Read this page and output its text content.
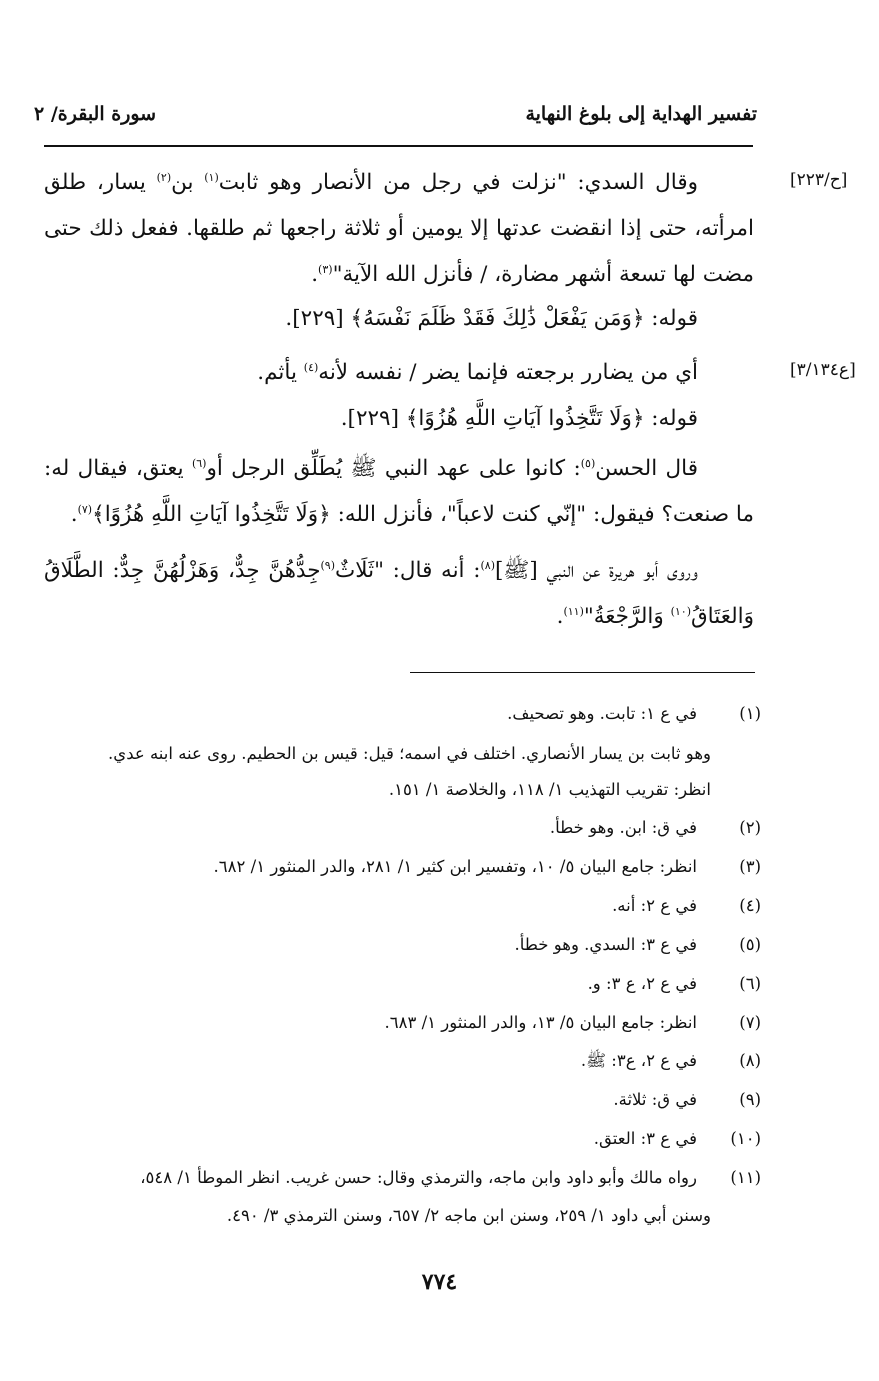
سورة البقرة/ ٢	تفسير الهداية إلى بلوغ النهاية
[ح/٢٢٣]
[ع٣/١٣٤]

وقال السدي: "نزلت في رجل من الأنصار وهو ثابت$^{(١)}$ بن$^{(٢)}$ يسار، طلق امرأته، حتى إذا انقضت عدتها إلا يومين أو ثلاثة راجعها ثم طلقها. ففعل ذلك حتى مضت لها تسعة أشهر مضارة، / فأنزل الله الآية"$^{(٣)}$.

قوله: ﴿وَمَن يَفْعَلْ ذَٰلِكَ فَقَدْ ظَلَمَ نَفْسَهُ﴾ [٢٢٩].

أي من يضارر برجعته فإنما يضر / نفسه لأنه$^{(٤)}$ يأثم.

قوله: ﴿وَلَا تَتَّخِذُوا آيَاتِ اللَّهِ هُزُوًا﴾ [٢٢٩].

قال الحسن$^{(٥)}$: كانوا على عهد النبي ﷺ يُطَلِّق الرجل أو$^{(٦)}$ يعتق، فيقال له: ما صنعت؟ فيقول: "إنّي كنت لاعباً"، فأنزل الله: ﴿وَلَا تَتَّخِذُوا آيَاتِ اللَّهِ هُزُوًا﴾$^{(٧)}$.

وروى أبو هريرة عن النبي [ﷺ]$^{(٨)}$: أنه قال: "ثَلَاثٌ$^{(٩)}$جِدُّهُنَّ جِدٌّ، وَهَزْلُهُنَّ جِدٌّ: الطَّلَاقُ وَالعَتَاقُ$^{(١٠)}$ وَالرَّجْعَةُ"$^{(١١)}$.

(١)
في ع ١: تابت. وهو تصحيف.
وهو ثابت بن يسار الأنصاري. اختلف في اسمه؛ قيل: قيس بن الحطيم. روى عنه ابنه عدي.
انظر: تقريب التهذيب ١/ ١١٨، والخلاصة ١/ ١٥١.
(٢)
في ق: ابن. وهو خطأ.
(٣)
انظر: جامع البيان ٥/ ١٠، وتفسير ابن كثير ١/ ٢٨١، والدر المنثور ١/ ٦٨٢.
(٤)
في ع ٢: أنه.
(٥)
في ع ٣: السدي. وهو خطأ.
(٦)
في ع ٢، ع ٣: و.
(٧)
انظر: جامع البيان ٥/ ١٣، والدر المنثور ١/ ٦٨٣.
(٨)
في ع ٢، ع٣: ﷺ.
(٩)
في ق: ثلاثة.
(١٠)
في ع ٣: العتق.
(١١)
رواه مالك وأبو داود وابن ماجه، والترمذي وقال: حسن غريب. انظر الموطأ ١/ ٥٤٨،
وسنن أبي داود ١/ ٢٥٩، وسنن ابن ماجه ٢/ ٦٥٧، وسنن الترمذي ٣/ ٤٩٠.
٧٧٤
